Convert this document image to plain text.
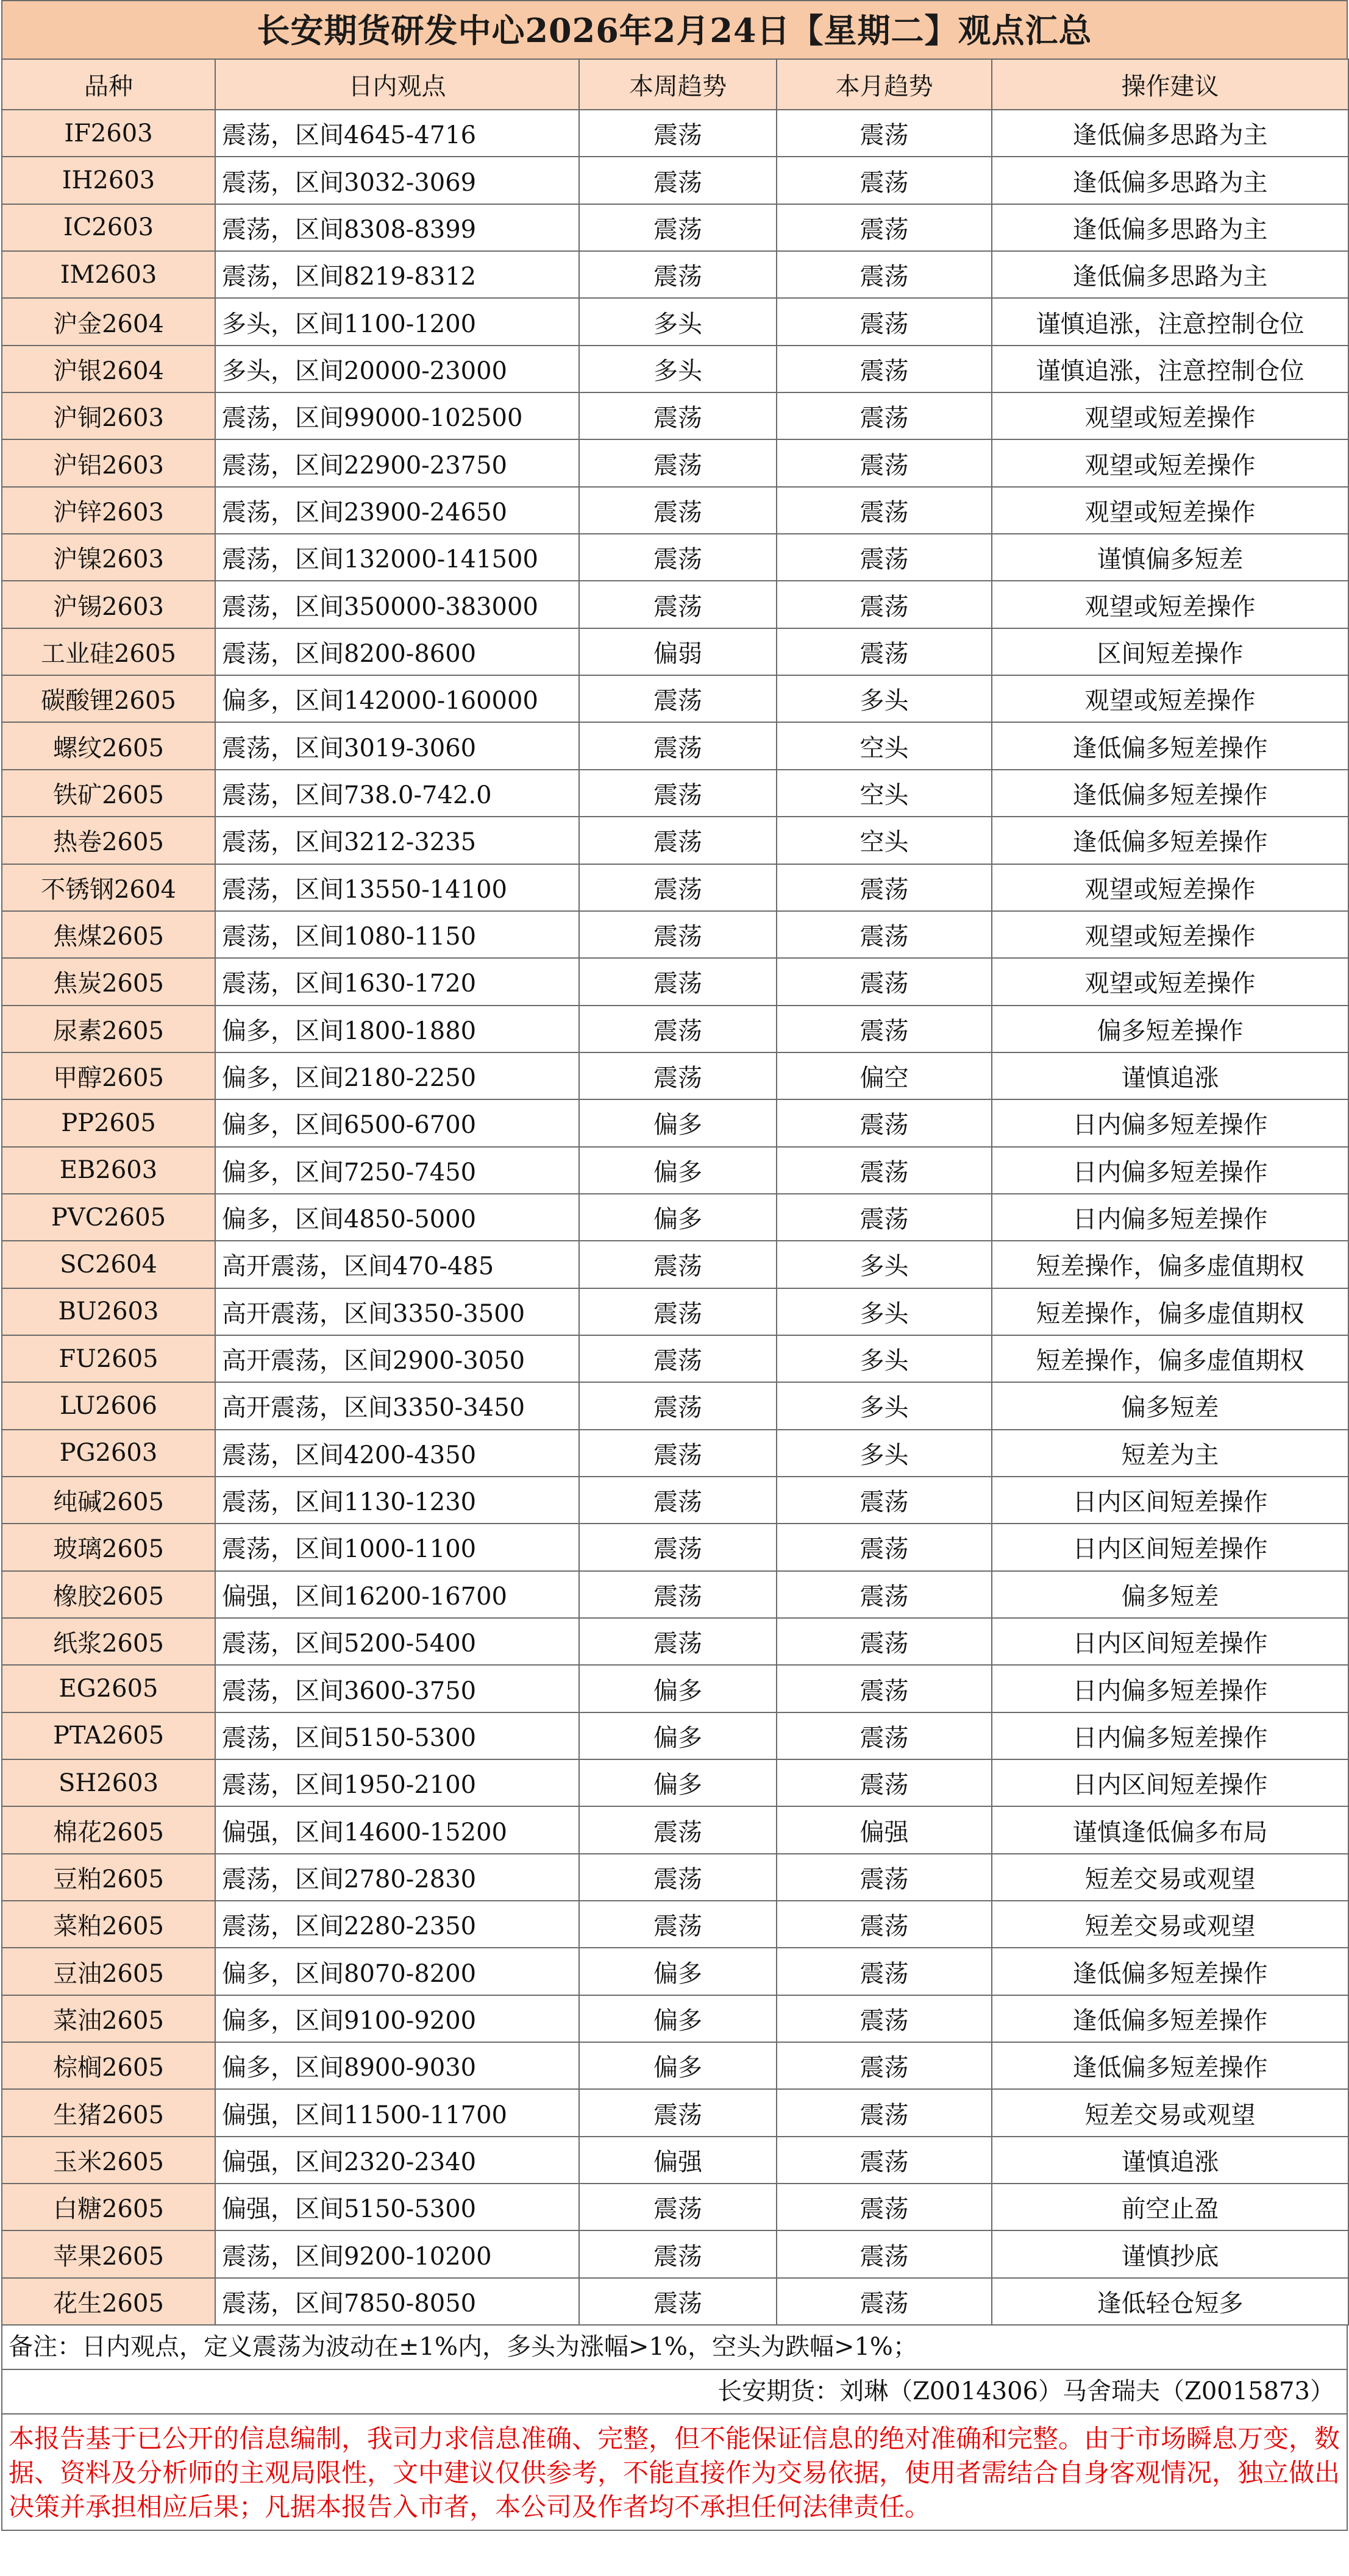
长安期货研发中心2026年2月24日【星期二】观点汇总
品种	日内观点	本周趋势	本月趋势	操作建议
IF2603	震荡，区间4645-4716	震荡	震荡	逢低偏多思路为主
IH2603	震荡，区间3032-3069	震荡	震荡	逢低偏多思路为主
IC2603	震荡，区间8308-8399	震荡	震荡	逢低偏多思路为主
IM2603	震荡，区间8219-8312	震荡	震荡	逢低偏多思路为主
沪金2604	多头，区间1100-1200	多头	震荡	谨慎追涨，注意控制仓位
沪银2604	多头，区间20000-23000	多头	震荡	谨慎追涨，注意控制仓位
沪铜2603	震荡，区间99000-102500	震荡	震荡	观望或短差操作
沪铝2603	震荡，区间22900-23750	震荡	震荡	观望或短差操作
沪锌2603	震荡，区间23900-24650	震荡	震荡	观望或短差操作
沪镍2603	震荡，区间132000-141500	震荡	震荡	谨慎偏多短差
沪锡2603	震荡，区间350000-383000	震荡	震荡	观望或短差操作
工业硅2605	震荡，区间8200-8600	偏弱	震荡	区间短差操作
碳酸锂2605	偏多，区间142000-160000	震荡	多头	观望或短差操作
螺纹2605	震荡，区间3019-3060	震荡	空头	逢低偏多短差操作
铁矿2605	震荡，区间738.0-742.0	震荡	空头	逢低偏多短差操作
热卷2605	震荡，区间3212-3235	震荡	空头	逢低偏多短差操作
不锈钢2604	震荡，区间13550-14100	震荡	震荡	观望或短差操作
焦煤2605	震荡，区间1080-1150	震荡	震荡	观望或短差操作
焦炭2605	震荡，区间1630-1720	震荡	震荡	观望或短差操作
尿素2605	偏多，区间1800-1880	震荡	震荡	偏多短差操作
甲醇2605	偏多，区间2180-2250	震荡	偏空	谨慎追涨
PP2605	偏多，区间6500-6700	偏多	震荡	日内偏多短差操作
EB2603	偏多，区间7250-7450	偏多	震荡	日内偏多短差操作
PVC2605	偏多，区间4850-5000	偏多	震荡	日内偏多短差操作
SC2604	高开震荡，区间470-485	震荡	多头	短差操作，偏多虚值期权
BU2603	高开震荡，区间3350-3500	震荡	多头	短差操作，偏多虚值期权
FU2605	高开震荡，区间2900-3050	震荡	多头	短差操作，偏多虚值期权
LU2606	高开震荡，区间3350-3450	震荡	多头	偏多短差
PG2603	震荡，区间4200-4350	震荡	多头	短差为主
纯碱2605	震荡，区间1130-1230	震荡	震荡	日内区间短差操作
玻璃2605	震荡，区间1000-1100	震荡	震荡	日内区间短差操作
橡胶2605	偏强，区间16200-16700	震荡	震荡	偏多短差
纸浆2605	震荡，区间5200-5400	震荡	震荡	日内区间短差操作
EG2605	震荡，区间3600-3750	偏多	震荡	日内偏多短差操作
PTA2605	震荡，区间5150-5300	偏多	震荡	日内偏多短差操作
SH2603	震荡，区间1950-2100	偏多	震荡	日内区间短差操作
棉花2605	偏强，区间14600-15200	震荡	偏强	谨慎逢低偏多布局
豆粕2605	震荡，区间2780-2830	震荡	震荡	短差交易或观望
菜粕2605	震荡，区间2280-2350	震荡	震荡	短差交易或观望
豆油2605	偏多，区间8070-8200	偏多	震荡	逢低偏多短差操作
菜油2605	偏多，区间9100-9200	偏多	震荡	逢低偏多短差操作
棕榈2605	偏多，区间8900-9030	偏多	震荡	逢低偏多短差操作
生猪2605	偏强，区间11500-11700	震荡	震荡	短差交易或观望
玉米2605	偏强，区间2320-2340	偏强	震荡	谨慎追涨
白糖2605	偏强，区间5150-5300	震荡	震荡	前空止盈
苹果2605	震荡，区间9200-10200	震荡	震荡	谨慎抄底
花生2605	震荡，区间7850-8050	震荡	震荡	逢低轻仓短多
备注：日内观点，定义震荡为波动在±1%内，多头为涨幅>1%，空头为跌幅>1%；
长安期货：刘琳（Z0014306）马舍瑞夫（Z0015873）
本报告基于已公开的信息编制，我司力求信息准确、完整，但不能保证信息的绝对准确和完整。由于市场瞬息万变，数据、资料及分析师的主观局限性，文中建议仅供参考，不能直接作为交易依据，使用者需结合自身客观情况，独立做出决策并承担相应后果；凡据本报告入市者，本公司及作者均不承担任何法律责任。
